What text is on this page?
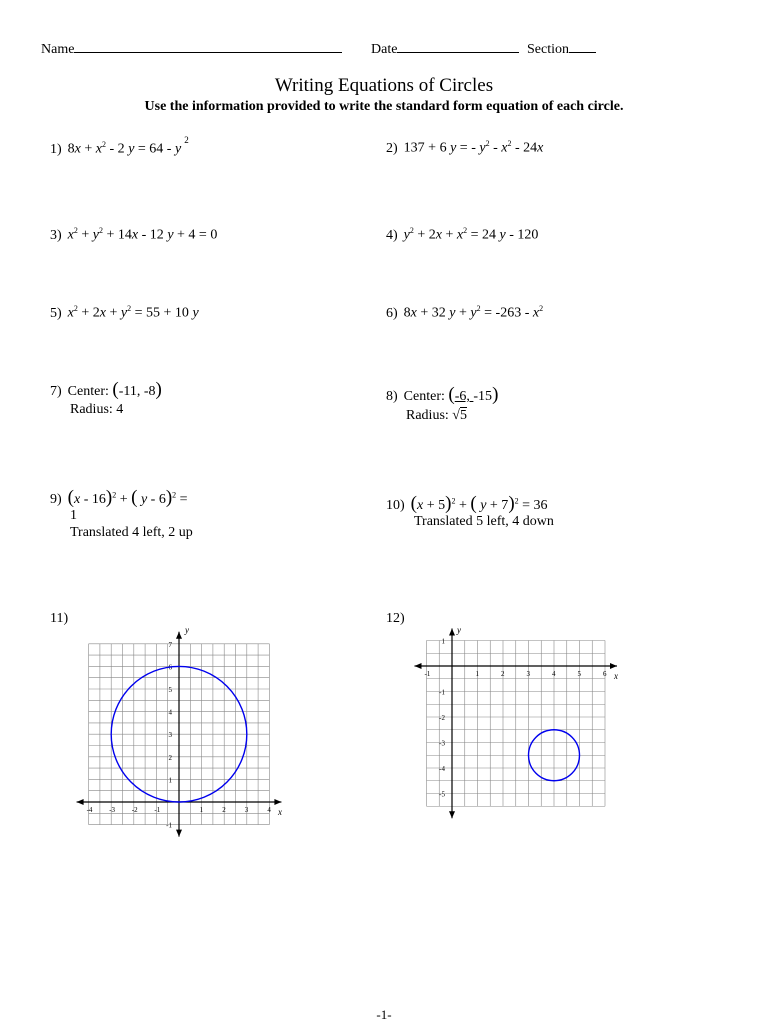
Name	Date	Section
Writing Equations of Circles
Use the information provided to write the standard form equation of each circle.
1) $8x + x^2 - 2$ $y = 64 - y^2$
2) 137 + 6 y = - $y^2 - x^2 - 24x$
3) $x^2 + y^2 + 14x - 12$ y + 4 = 0	4) $y^2 + 2x + x^2 = 24$ y - 120
5) $x^2 + 2x + y^2 = 55 + 10$ y	6) 8x + 32 $y + y^2 = -263 - x^2$
7) Center: (-11, -8)
Radius: 4
8) Center: (-6, -15)
Radius: √5
9) (x - 16)$^2$ + ( y - 6)$^2$ =
1
Translated 4 left, 2 up
10) $(x + 5)^2$ + ( y + 7)$^2$ = 36
Translated 5 left, 4 down
11)	12)
-4 -3 -2 -1	1	2	3	4
-1
1
2
3
4
5
6
7
x
y
-1	1	2	3	4	5	6
1
-1
-2
-3
-4
-5
x
y
-1-
